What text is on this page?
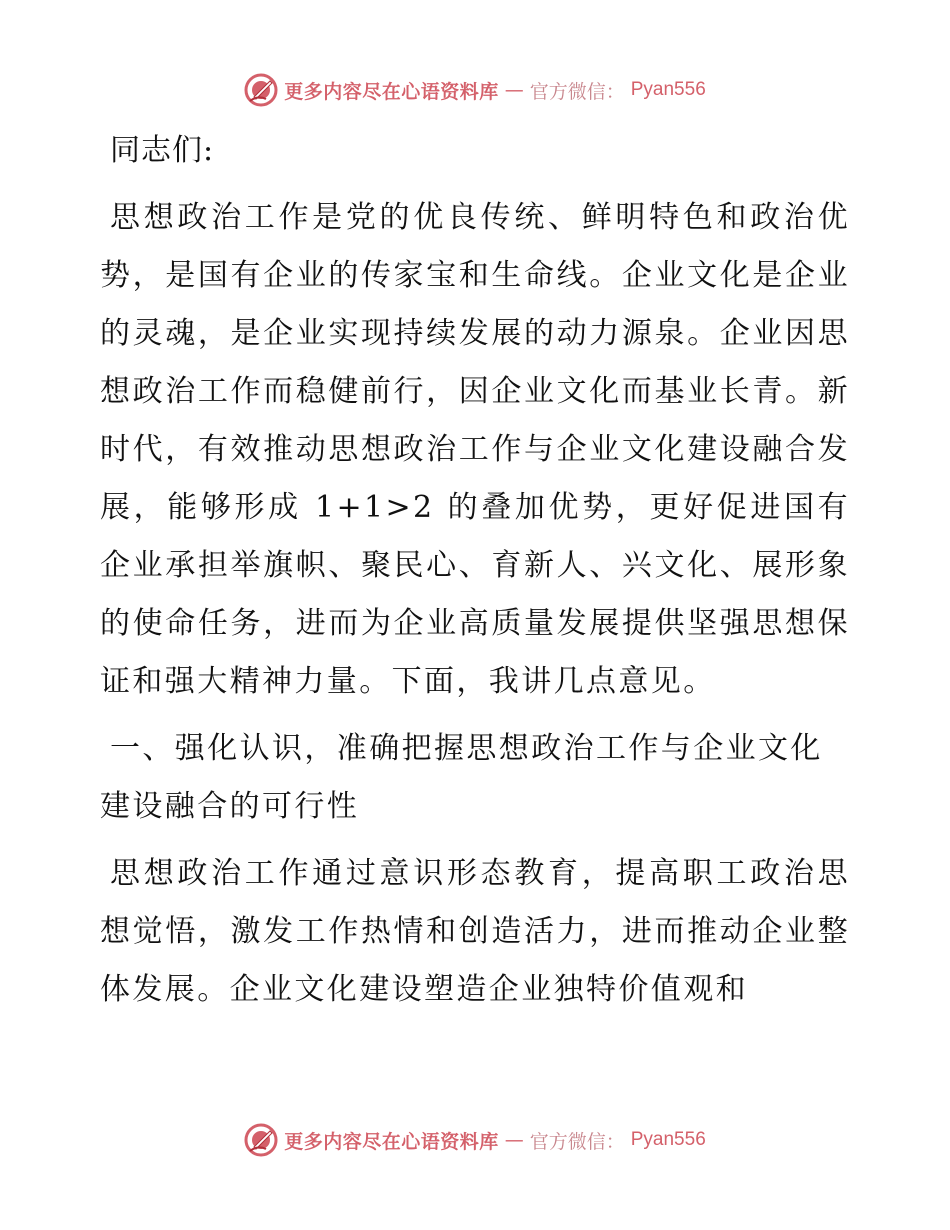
更多内容尽在心语资料库 — 官方微信： Pyan556

同志们:

思想政治工作是党的优良传统、鲜明特色和政治优势，是国有企业的传家宝和生命线。企业文化是企业的灵魂，是企业实现持续发展的动力源泉。企业因思想政治工作而稳健前行，因企业文化而基业长青。新时代，有效推动思想政治工作与企业文化建设融合发展，能够形成 1+1>2 的叠加优势，更好促进国有企业承担举旗帜、聚民心、育新人、兴文化、展形象的使命任务，进而为企业高质量发展提供坚强思想保证和强大精神力量。下面，我讲几点意见。

一、强化认识，准确把握思想政治工作与企业文化建设融合的可行性

思想政治工作通过意识形态教育，提高职工政治思想觉悟，激发工作热情和创造活力，进而推动企业整体发展。企业文化建设塑造企业独特价值观和

更多内容尽在心语资料库 — 官方微信： Pyan556
